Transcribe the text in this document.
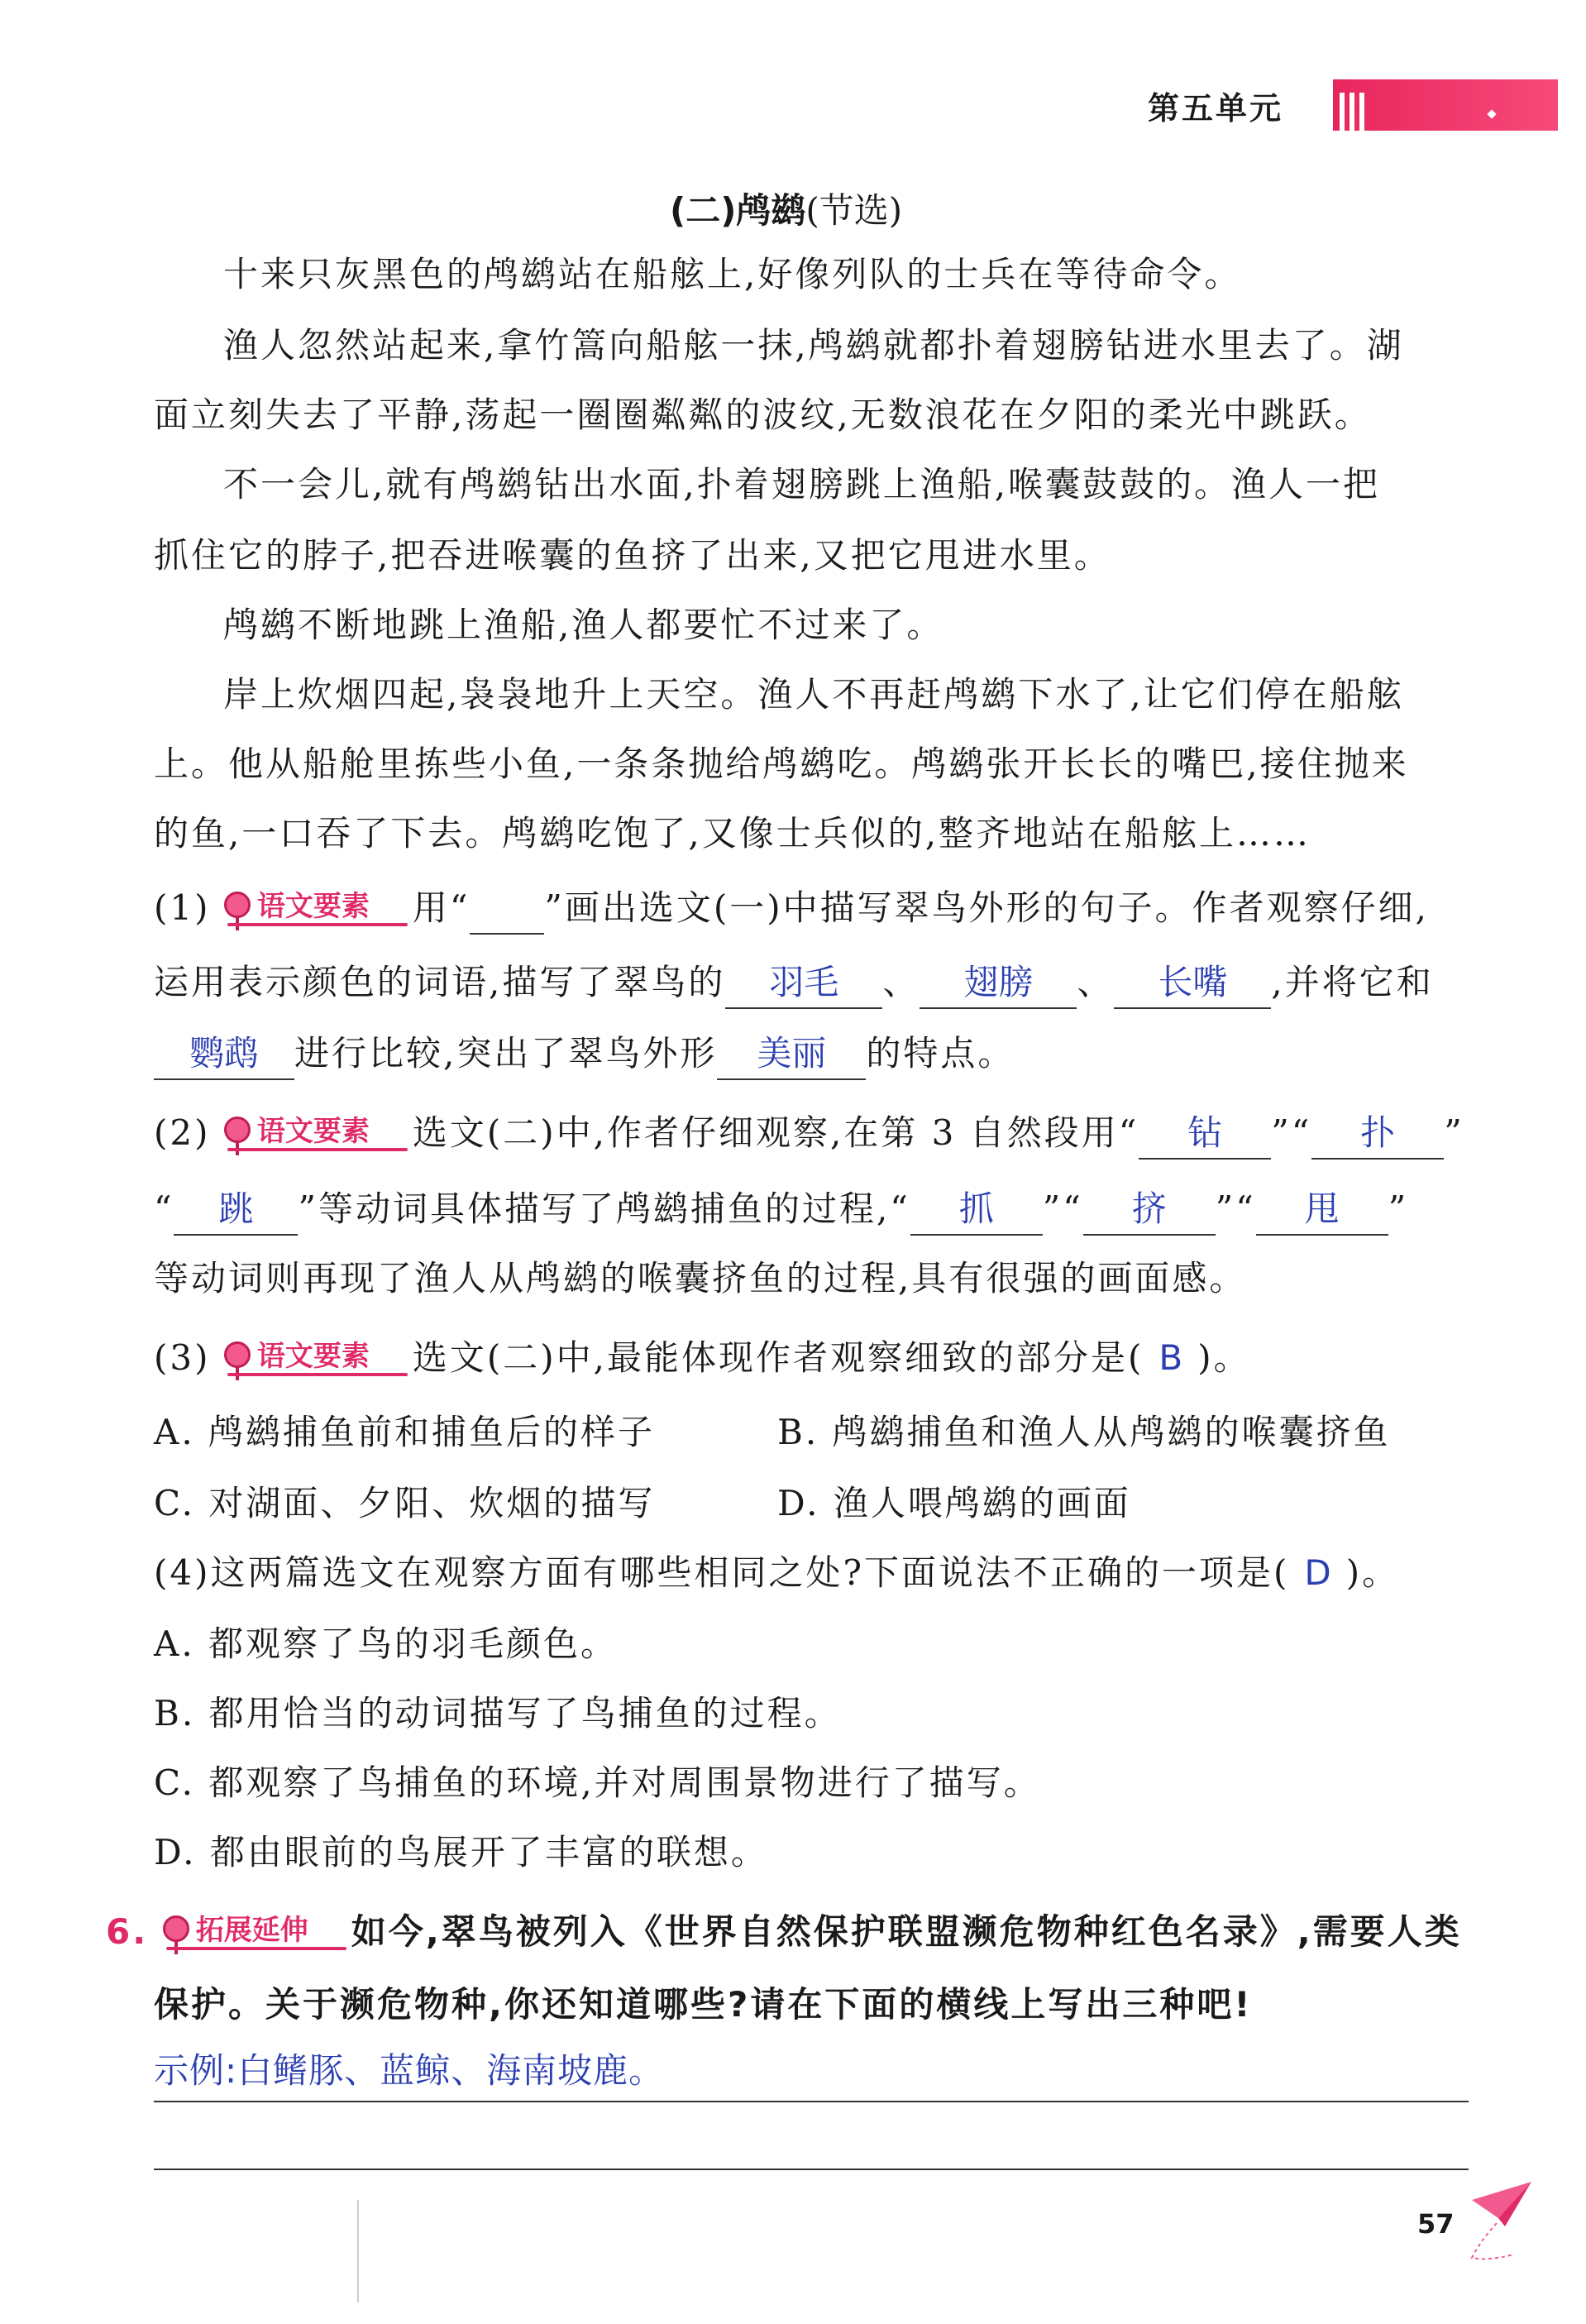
第五单元
(二)鸬鹚(节选)
十来只灰黑色的鸬鹚站在船舷上,好像列队的士兵在等待命令。
渔人忽然站起来,拿竹篙向船舷一抹,鸬鹚就都扑着翅膀钻进水里去了。湖
面立刻失去了平静,荡起一圈圈粼粼的波纹,无数浪花在夕阳的柔光中跳跃。
不一会儿,就有鸬鹚钻出水面,扑着翅膀跳上渔船,喉囊鼓鼓的。渔人一把
抓住它的脖子,把吞进喉囊的鱼挤了出来,又把它甩进水里。
鸬鹚不断地跳上渔船,渔人都要忙不过来了。
岸上炊烟四起,袅袅地升上天空。渔人不再赶鸬鹚下水了,让它们停在船舷
上。他从船舱里拣些小鱼,一条条抛给鸬鹚吃。鸬鹚张开长长的嘴巴,接住抛来
的鱼,一口吞了下去。鸬鹚吃饱了,又像士兵似的,整齐地站在船舷上……
(1) 语文要素 用“ ”画出选文(一)中描写翠鸟外形的句子。作者观察仔细,
运用表示颜色的词语,描写了翠鸟的 羽毛 、 翅膀 、 长嘴 ,并将它和
鹦鹉 进行比较,突出了翠鸟外形 美丽 的特点。
(2) 语文要素 选文(二)中,作者仔细观察,在第 3 自然段用“ 钻 ”“ 扑 ”
“ 跳 ”等动词具体描写了鸬鹚捕鱼的过程,“ 抓 ”“ 挤 ”“ 甩 ”
等动词则再现了渔人从鸬鹚的喉囊挤鱼的过程,具有很强的画面感。
(3) 语文要素 选文(二)中,最能体现作者观察细致的部分是( B )。
A. 鸬鹚捕鱼前和捕鱼后的样子	B. 鸬鹚捕鱼和渔人从鸬鹚的喉囊挤鱼
C. 对湖面、夕阳、炊烟的描写	D. 渔人喂鸬鹚的画面
(4)这两篇选文在观察方面有哪些相同之处?下面说法不正确的一项是( D )。
A. 都观察了鸟的羽毛颜色。
B. 都用恰当的动词描写了鸟捕鱼的过程。
C. 都观察了鸟捕鱼的环境,并对周围景物进行了描写。
D. 都由眼前的鸟展开了丰富的联想。
6. 拓展延伸 如今,翠鸟被列入《世界自然保护联盟濒危物种红色名录》,需要人类
保护。关于濒危物种,你还知道哪些?请在下面的横线上写出三种吧!
示例:白鳍豚、蓝鲸、海南坡鹿。
57
